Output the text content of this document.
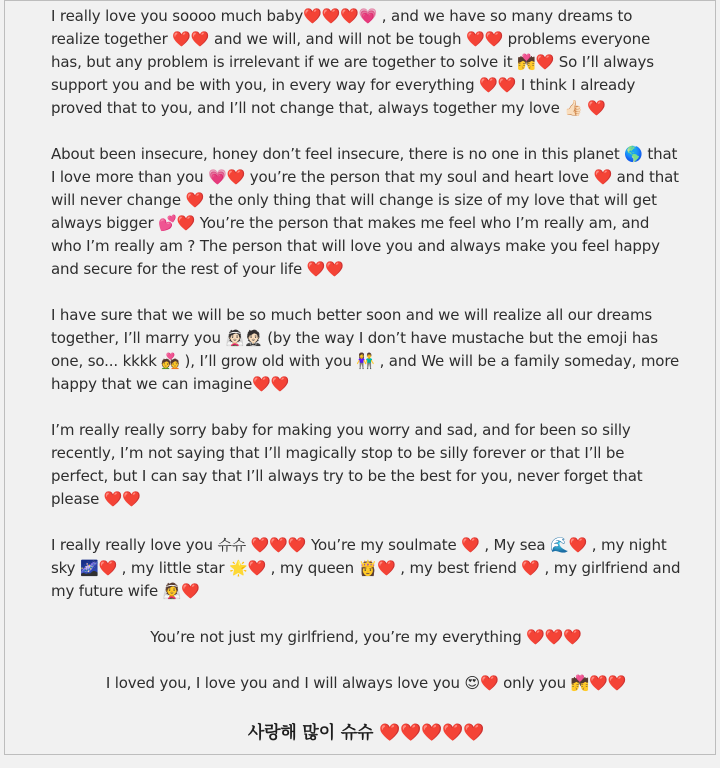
I really love you soooo much baby❤️❤️❤️💗 , and we have so many dreams to realize together ❤️❤️ and we will, and will not be tough ❤️❤️ problems everyone has, but any problem is irrelevant if we are together to solve it 💏❤️ So I’ll always support you and be with you, in every way for everything ❤️❤️ I think I already proved that to you, and I’ll not change that, always together my love 👍🏻 ❤️

About been insecure, honey don’t feel insecure, there is no one in this planet 🌎 that I love more than you 💗❤️ you’re the person that my soul and heart love ❤️ and that will never change ❤️ the only thing that will change is size of my love that will get always bigger 💕❤️ You’re the person that makes me feel who I’m really am, and who I’m really am ? The person that will love you and always make you feel happy and secure for the rest of your life ❤️❤️

I have sure that we will be so much better soon and we will realize all our dreams together, I’ll marry you 👰🏻🤵🏻 (by the way I don’t have mustache but the emoji has one, so... kkkk 💑 ), I’ll grow old with you 👫 , and We will be a family someday, more happy that we can imagine❤️❤️

I’m really really sorry baby for making you worry and sad, and for been so silly recently, I’m not saying that I’ll magically stop to be silly forever or that I’ll be perfect, but I can say that I’ll always try to be the best for you, never forget that please ❤️❤️

I really really love you 슈슈 ❤️❤️❤️ You’re my soulmate ❤️ , My sea 🌊❤️ , my night sky 🌌❤️ , my little star 🌟❤️ , my queen 👸❤️ , my best friend ❤️ , my girlfriend and my future wife 👰❤️

You’re not just my girlfriend, you’re my everything ❤️❤️❤️

I loved you, I love you and I will always love you 😍❤️ only you 💏❤️❤️

사랑해 많이 슈슈 ❤️❤️❤️❤️❤️
